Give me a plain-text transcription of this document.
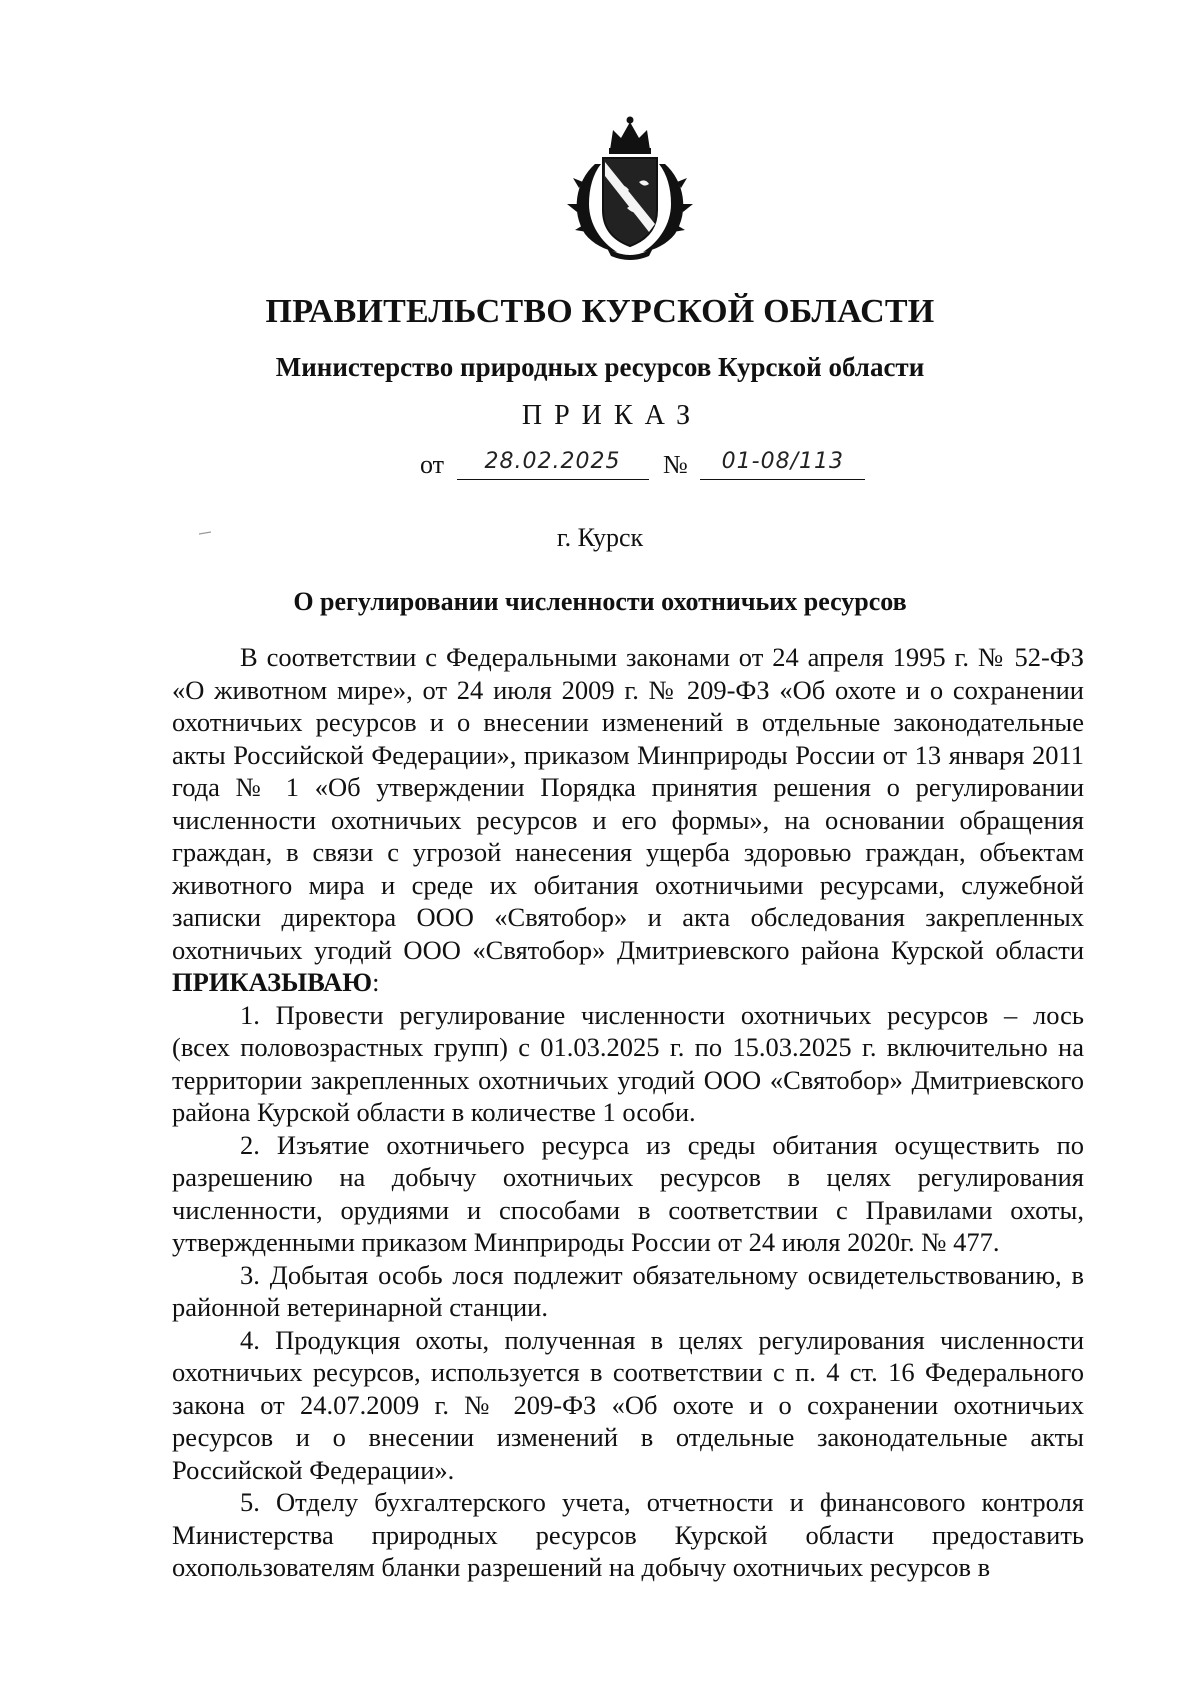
ПРАВИТЕЛЬСТВО КУРСКОЙ ОБЛАСТИ
Министерство природных ресурсов Курской области
ПРИКАЗ
от 28.02.2025 № 01-08/113
г. Курск
О регулировании численности охотничьих ресурсов

В соответствии с Федеральными законами от 24 апреля 1995 г. № 52-ФЗ «О животном мире», от 24 июля 2009 г. № 209-ФЗ «Об охоте и о сохранении охотничьих ресурсов и о внесении изменений в отдельные законодательные акты Российской Федерации», приказом Минприроды России от 13 января 2011 года № 1 «Об утверждении Порядка принятия решения о регулировании численности охотничьих ресурсов и его формы», на основании обращения граждан, в связи с угрозой нанесения ущерба здоровью граждан, объектам животного мира и среде их обитания охотничьими ресурсами, служебной записки директора ООО «Святобор» и акта обследования закрепленных охотничьих угодий ООО «Святобор» Дмитриевского района Курской области ПРИКАЗЫВАЮ:

1. Провести регулирование численности охотничьих ресурсов – лось (всех половозрастных групп) с 01.03.2025 г. по 15.03.2025 г. включительно на территории закрепленных охотничьих угодий ООО «Святобор» Дмитриевского района Курской области в количестве 1 особи.

2. Изъятие охотничьего ресурса из среды обитания осуществить по разрешению на добычу охотничьих ресурсов в целях регулирования численности, орудиями и способами в соответствии с Правилами охоты, утвержденными приказом Минприроды России от 24 июля 2020г. № 477.

3. Добытая особь лося подлежит обязательному освидетельствованию, в районной ветеринарной станции.

4. Продукция охоты, полученная в целях регулирования численности охотничьих ресурсов, используется в соответствии с п. 4 ст. 16 Федерального закона от 24.07.2009 г. № 209-ФЗ «Об охоте и о сохранении охотничьих ресурсов и о внесении изменений в отдельные законодательные акты Российской Федерации».

5. Отделу бухгалтерского учета, отчетности и финансового контроля Министерства природных ресурсов Курской области предоставить охопользователям бланки разрешений на добычу охотничьих ресурсов в
